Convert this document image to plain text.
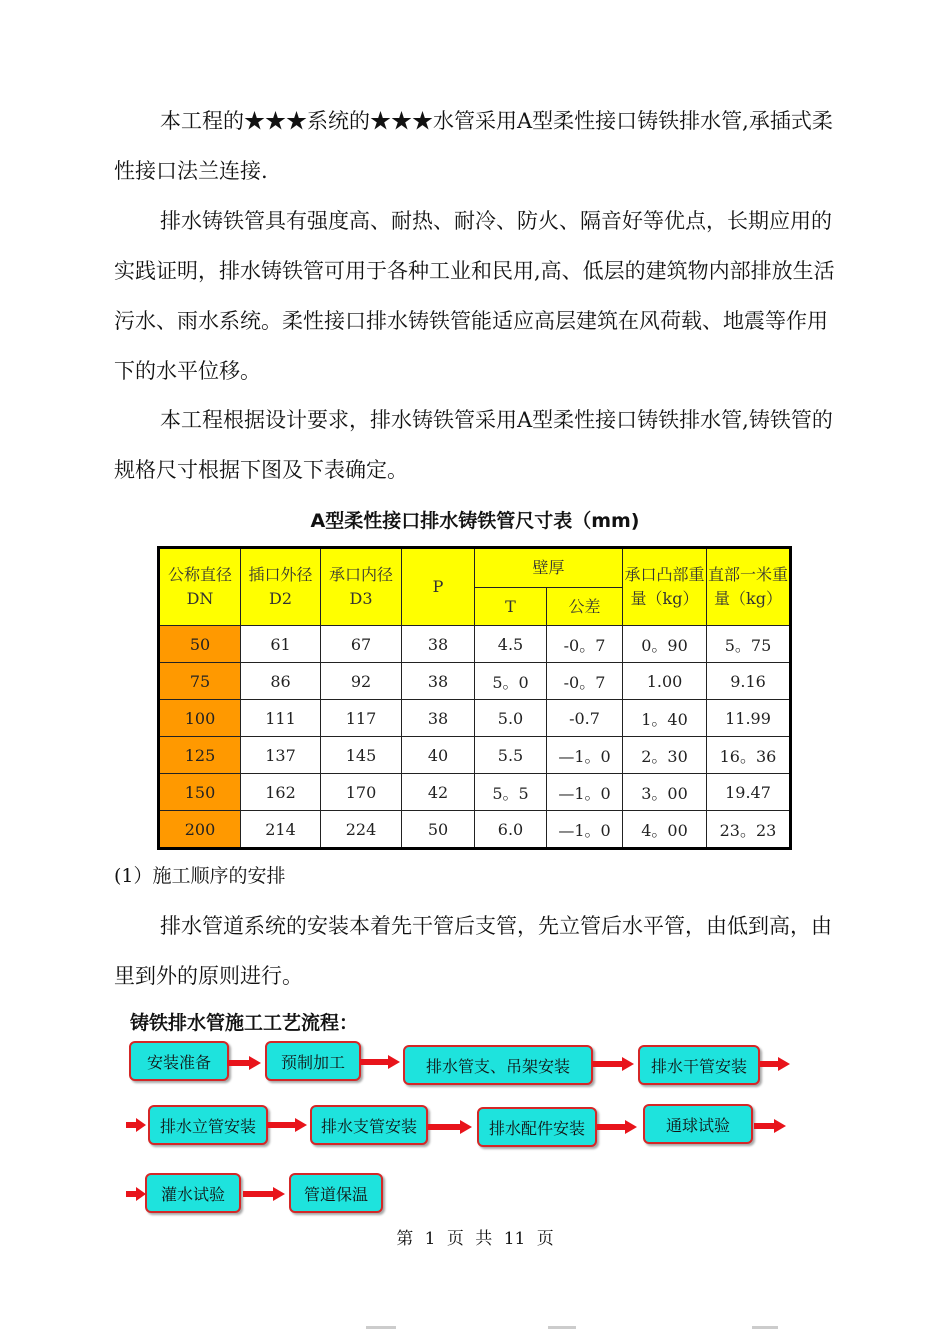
本工程的★★★系统的★★★水管采用A型柔性接口铸铁排水管,承插式柔性接口法兰连接.

排水铸铁管具有强度高、耐热、耐冷、防火、隔音好等优点，长期应用的实践证明，排水铸铁管可用于各种工业和民用,高、低层的建筑物内部排放生活污水、雨水系统。柔性接口排水铸铁管能适应高层建筑在风荷载、地震等作用下的水平位移。

本工程根据设计要求，排水铸铁管采用A型柔性接口铸铁排水管,铸铁管的规格尺寸根据下图及下表确定。

A型柔性接口排水铸铁管尺寸表（mm)
公称直径DN	插口外径D2	承口内径D3	P	壁厚		承口凸部重量（kg）	直部一米重量（kg）
				T	公差		
50	61	67	38	4.5	-0。7	0。90	5。75
75	86	92	38	5。0	-0。7	1.00	9.16
100	111	117	38	5.0	-0.7	1。40	11.99
125	137	145	40	5.5	—1。0	2。30	16。36
150	162	170	42	5。5	—1。0	3。00	19.47
200	214	224	50	6.0	—1。0	4。00	23。23

(1）施工顺序的安排

排水管道系统的安装本着先干管后支管，先立管后水平管，由低到高，由里到外的原则进行。

铸铁排水管施工工艺流程：

安装准备	预制加工	排水管支、吊架安装	排水干管安装
排水立管安装	排水支管安装	排水配件安装	通球试验
灌水试验	管道保温
第 1 页 共 11 页
